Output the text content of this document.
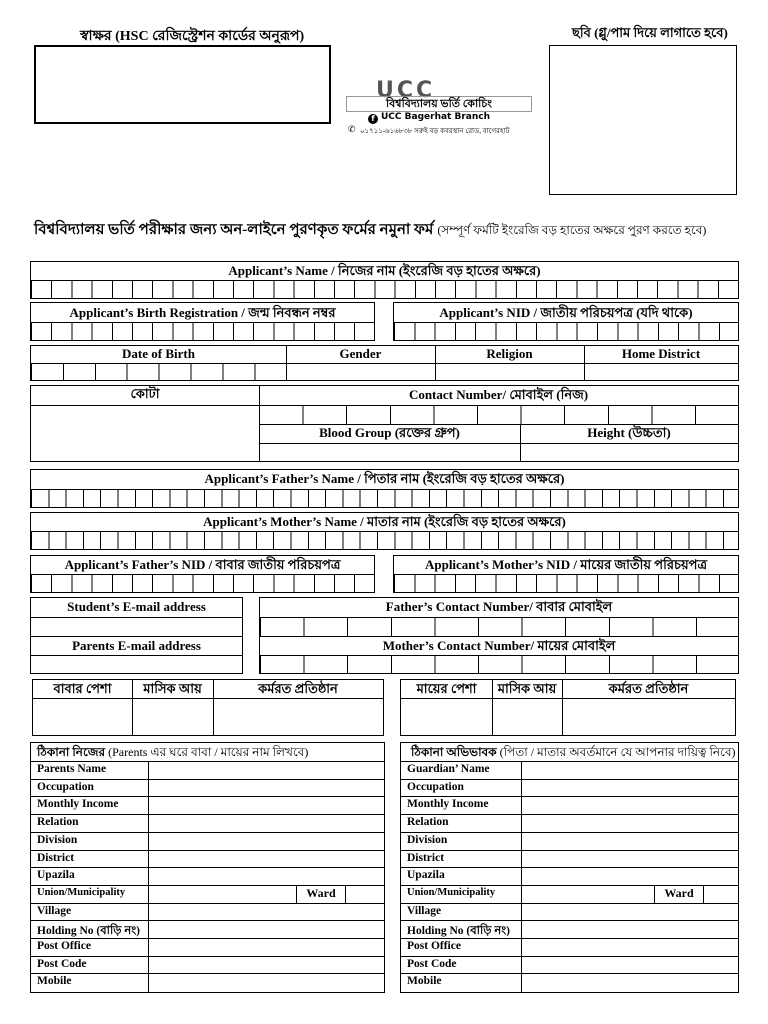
স্বাক্ষর (HSC রেজিস্ট্রেশন কার্ডের অনুরূপ)	ছবি (গ্লু/পাম দিয়ে লাগাতে হবে)
UCC
বিশ্ববিদ্যালয় ভর্তি কোচিং
f UCC Bagerhat Branch
✆ ০১৭১১-৬১৬৮৩৮ সরুই বড় কবরস্থান রোড, বাগেরহাট
বিশ্ববিদ্যালয় ভর্তি পরীক্ষার জন্য অন-লাইনে পুরণকৃত ফর্মের নমুনা ফর্ম (সম্পূর্ণ ফর্মটি ইংরেজি বড় হাতের অক্ষরে পুরণ করতে হবে)
Applicant’s Name / নিজের নাম (ইংরেজি বড় হাতের অক্ষরে)
Applicant’s Birth Registration / জন্ম নিবন্ধন নম্বর	Applicant’s NID / জাতীয় পরিচয়পত্র (যদি থাকে)
Date of Birth	Gender	Religion	Home District
কোটা	Contact Number/ মোবাইল (নিজ)
Blood Group (রক্তের গ্রুপ)	Height (উচ্চতা)
Applicant’s Father’s Name / পিতার নাম (ইংরেজি বড় হাতের অক্ষরে)
Applicant’s Mother’s Name / মাতার নাম (ইংরেজি বড় হাতের অক্ষরে)
Applicant’s Father’s NID / বাবার জাতীয় পরিচয়পত্র	Applicant’s Mother’s NID / মায়ের জাতীয় পরিচয়পত্র
Student’s E-mail address
Parents E-mail address
Father’s Contact Number/ বাবার মোবাইল
Mother’s Contact Number/ মায়ের মোবাইল
বাবার পেশা	মাসিক আয়	কর্মরত প্রতিষ্ঠান	মায়ের পেশা	মাসিক আয়	কর্মরত প্রতিষ্ঠান
ঠিকানা নিজের (Parents এর ঘরে বাবা / মায়ের নাম লিখবে)
Parents Name
Occupation
Monthly Income
Relation
Division
District
Upazila
Union/Municipality	Ward
Village
Holding No (বাড়ি নং)
Post Office
Post Code
Mobile
ঠিকানা অভিভাবক (পিতা / মাতার অবর্তমানে যে আপনার দায়িত্ব নিবে)
Guardian’ Name
Occupation
Monthly Income
Relation
Division
District
Upazila
Union/Municipality	Ward
Village
Holding No (বাড়ি নং)
Post Office
Post Code
Mobile
